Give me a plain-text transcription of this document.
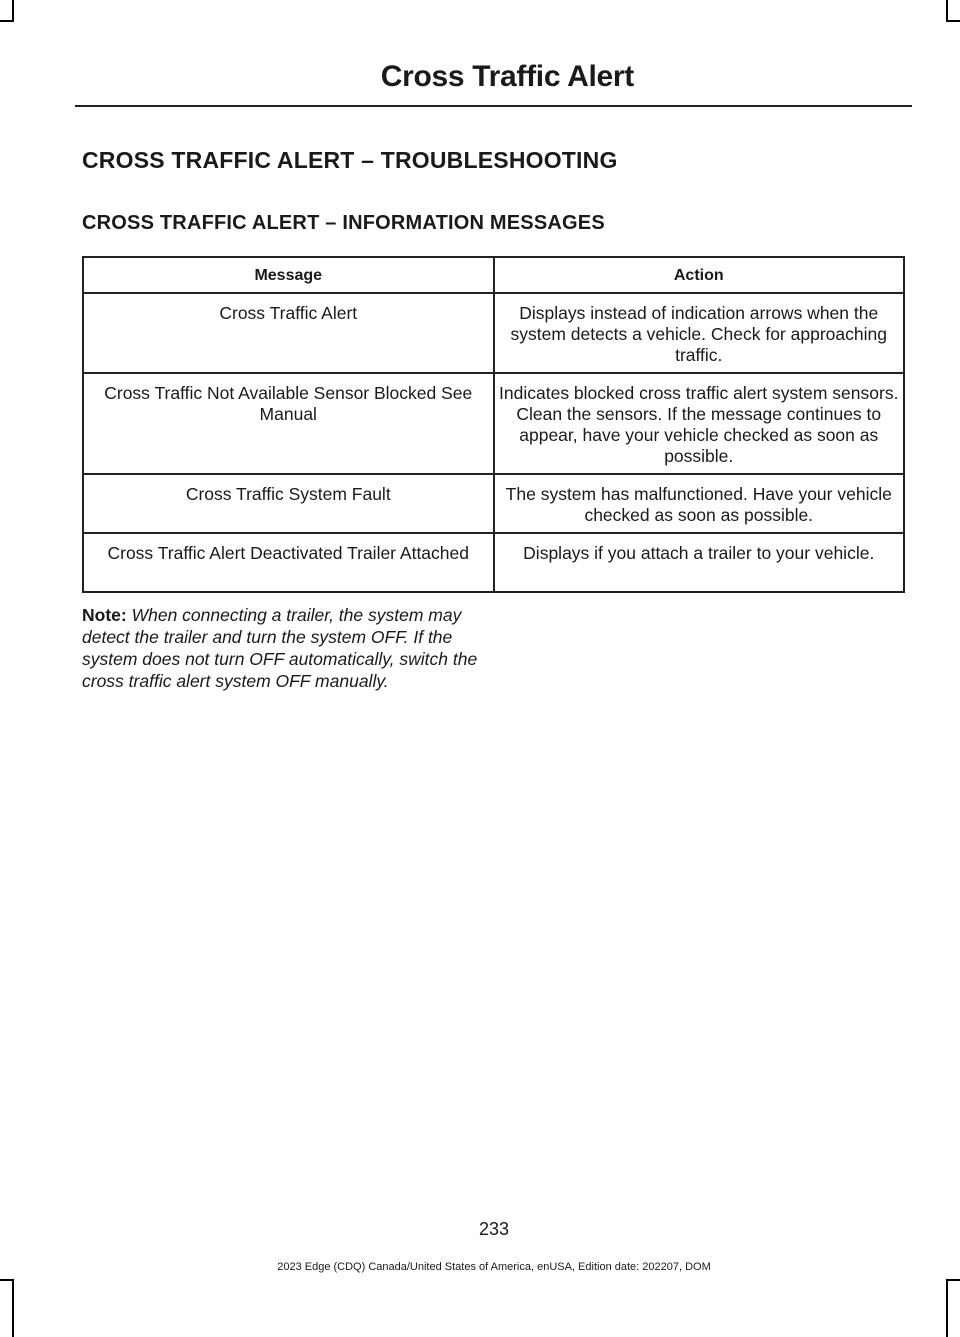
Cross Traffic Alert
CROSS TRAFFIC ALERT – TROUBLESHOOTING
CROSS TRAFFIC ALERT – INFORMATION MESSAGES
Message	Action
Cross Traffic Alert	Displays instead of indication arrows when the system detects a vehicle. Check for approaching traffic.
Cross Traffic Not Available Sensor Blocked See Manual	Indicates blocked cross traffic alert system sensors. Clean the sensors. If the message continues to appear, have your vehicle checked as soon as possible.
Cross Traffic System Fault	The system has malfunctioned. Have your vehicle checked as soon as possible.
Cross Traffic Alert Deactivated Trailer Attached	Displays if you attach a trailer to your vehicle.
Note: When connecting a trailer, the system may detect the trailer and turn the system OFF. If the system does not turn OFF automatically, switch the cross traffic alert system OFF manually.
233
2023 Edge (CDQ) Canada/United States of America, enUSA, Edition date: 202207, DOM
